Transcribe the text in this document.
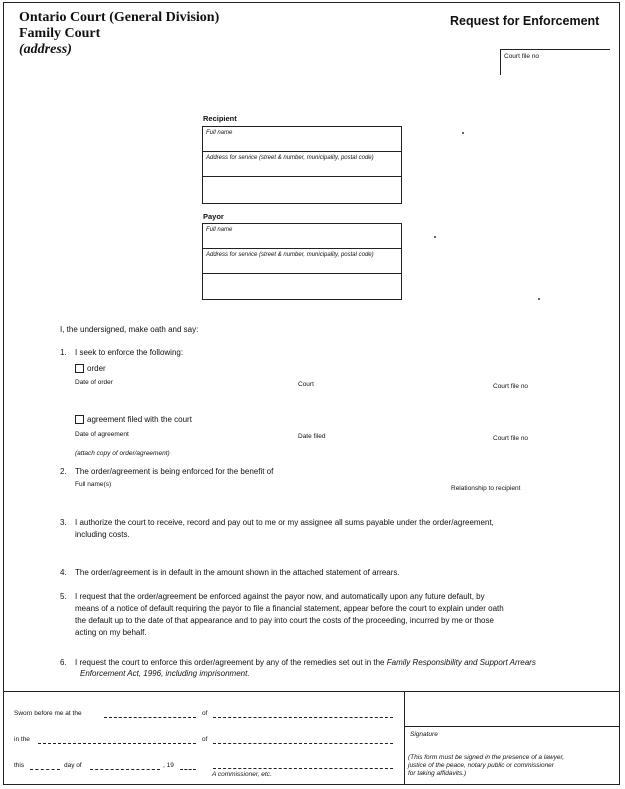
Ontario Court (General Division)
Family Court
(address)
Request for Enforcement
Court file no
Recipient
Full name
Address for service (street & number, municipality, postal code)
Payor
Full name
Address for service (street & number, municipality, postal code)
I, the undersigned, make oath and say:
1. I seek to enforce the following:
order
Date of order	Court	Court file no
agreement filed with the court
Date of agreement	Date filed	Court file no
(attach copy of order/agreement)
2. The order/agreement is being enforced for the benefit of
Full name(s)
Relationship to recipient
3. I authorize the court to receive, record and pay out to me or my assignee all sums payable under the order/agreement,
including costs.
4. The order/agreement is in default in the amount shown in the attached statement of arrears.
5. I request that the order/agreement be enforced against the payor now, and automatically upon any future default, by
means of a notice of default requiring the payor to file a financial statement, appear before the court to explain under oath
the default up to the date of that appearance and to pay into court the costs of the proceeding, incurred by me or those
acting on my behalf.
6. I request the court to enforce this order/agreement by any of the remedies set out in the Family Responsibility and Support Arrears
Enforcement Act, 1996, including imprisonment.
Sworn before me at the	of
in the	of
this	day of	, 19
A commissioner, etc.
Signature
(This form must be signed in the presence of a lawyer,
justice of the peace, notary public or commissioner
for taking affidavits.)
